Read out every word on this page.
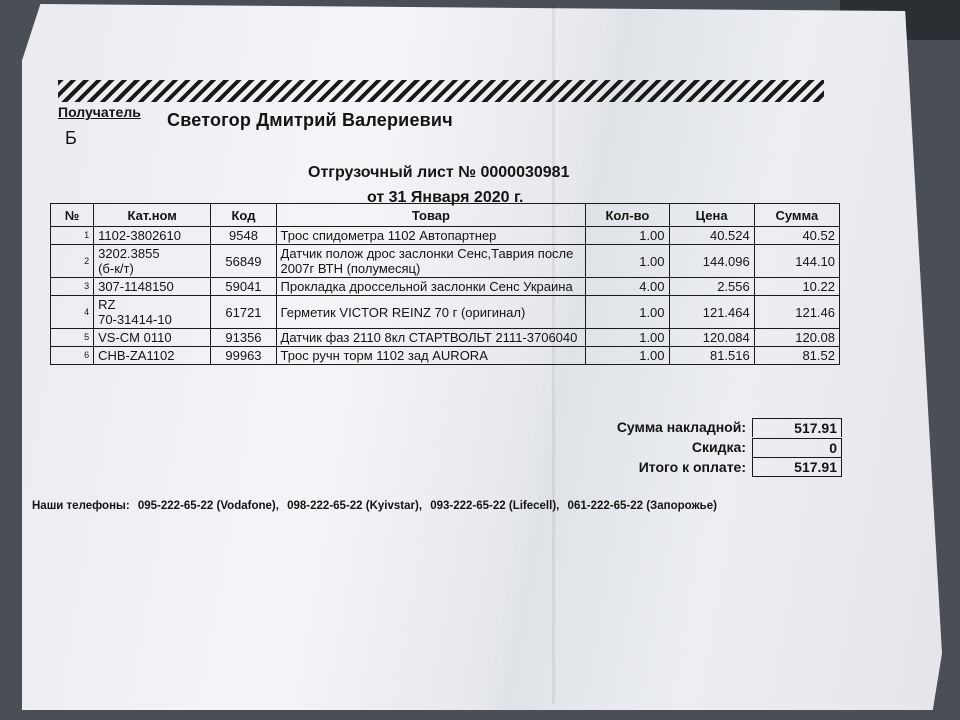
Получатель Светогор Дмитрий Валериевич
Б
Отгрузочный лист № 0000030981
от 31 Января 2020 г.
№	Кат.ном	Код	Товар	Кол-во	Цена	Сумма
1	1102-3802610	9548	Трос спидометра 1102 Автопартнер	1.00	40.524	40.52
2	3202.3855
(б-к/т)	56849	Датчик полож дрос заслонки Сенс,Таврия после 2007г ВТН (полумесяц)	1.00	144.096	144.10
3	307-1148150	59041	Прокладка дроссельной заслонки Сенс Украина	4.00	2.556	10.22
4	RZ
70-31414-10	61721	Герметик VICTOR REINZ 70 г (оригинал)	1.00	121.464	121.46
5	VS-CM 0110	91356	Датчик фаз 2110 8кл СТАРТВОЛЬТ 2111-3706040	1.00	120.084	120.08
6	CHB-ZA1102	99963	Трос ручн торм 1102 зад AURORA	1.00	81.516	81.52
Сумма накладной:	517.91
Скидка:	0
Итого к оплате:	517.91
Наши телефоны: 095-222-65-22 (Vodafone), 098-222-65-22 (Kyivstar), 093-222-65-22 (Lifecell), 061-222-65-22 (Запорожье)
